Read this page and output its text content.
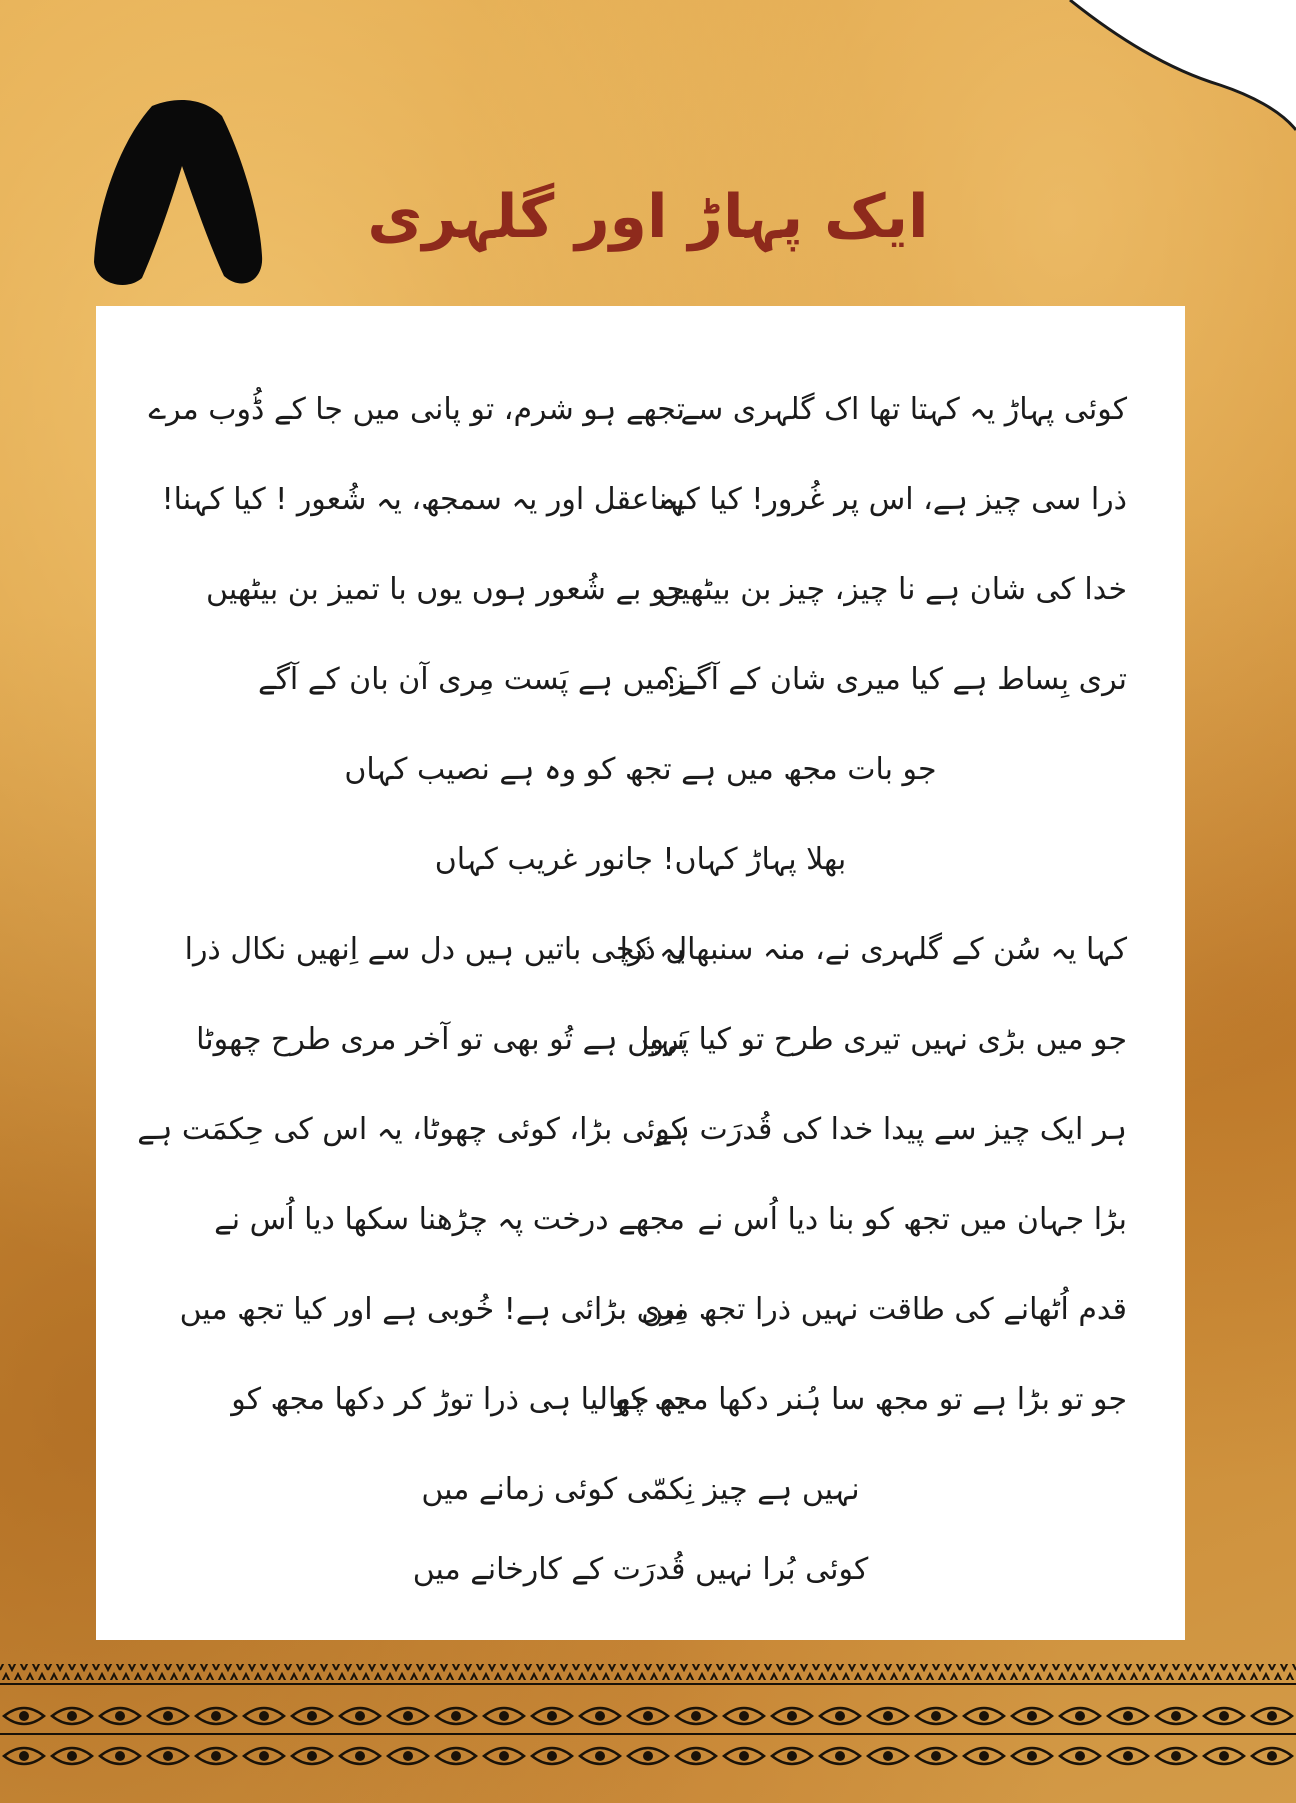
ایک پہاڑ اور گلہری
کوئی پہاڑ یہ کہتا تھا اک گلہری سے
تجھے ہو شرم، تو پانی میں جا کے ڈُوب مرے
ذرا سی چیز ہے، اس پر غُرور! کیا کہنا
یہ عقل اور یہ سمجھ، یہ شُعور ! کیا کہنا!
خدا کی شان ہے نا چیز، چیز بن بیٹھیں
جو بے شُعور ہوں یوں با تمیز بن بیٹھیں
تری بِساط ہے کیا میری شان کے آگے؟
زمیں ہے پَست مِری آن بان کے آگے
جو بات مجھ میں ہے تجھ کو وہ ہے نصیب کہاں
بھلا پہاڑ کہاں! جانور غریب کہاں
کہا یہ سُن کے گلہری نے، منہ سنبھال ذرا
یہ کچی باتیں ہیں دل سے اِنھیں نکال ذرا
جو میں بڑی نہیں تیری طرح تو کیا پَروا
نہیں ہے تُو بھی تو آخر مری طرح چھوٹا
ہر ایک چیز سے پیدا خدا کی قُدرَت ہے
کوئی بڑا، کوئی چھوٹا، یہ اس کی حِکمَت ہے
بڑا جہان میں تجھ کو بنا دیا اُس نے
مجھے درخت پہ چڑھنا سکھا دیا اُس نے
قدم اُٹھانے کی طاقت نہیں ذرا تجھ میں
نِری بڑائی ہے! خُوبی ہے اور کیا تجھ میں
جو تو بڑا ہے تو مجھ سا ہُنر دکھا مجھ کو
یہ چھالیا ہی ذرا توڑ کر دکھا مجھ کو
نہیں ہے چیز نِکمّی کوئی زمانے میں
کوئی بُرا نہیں قُدرَت کے کارخانے میں
